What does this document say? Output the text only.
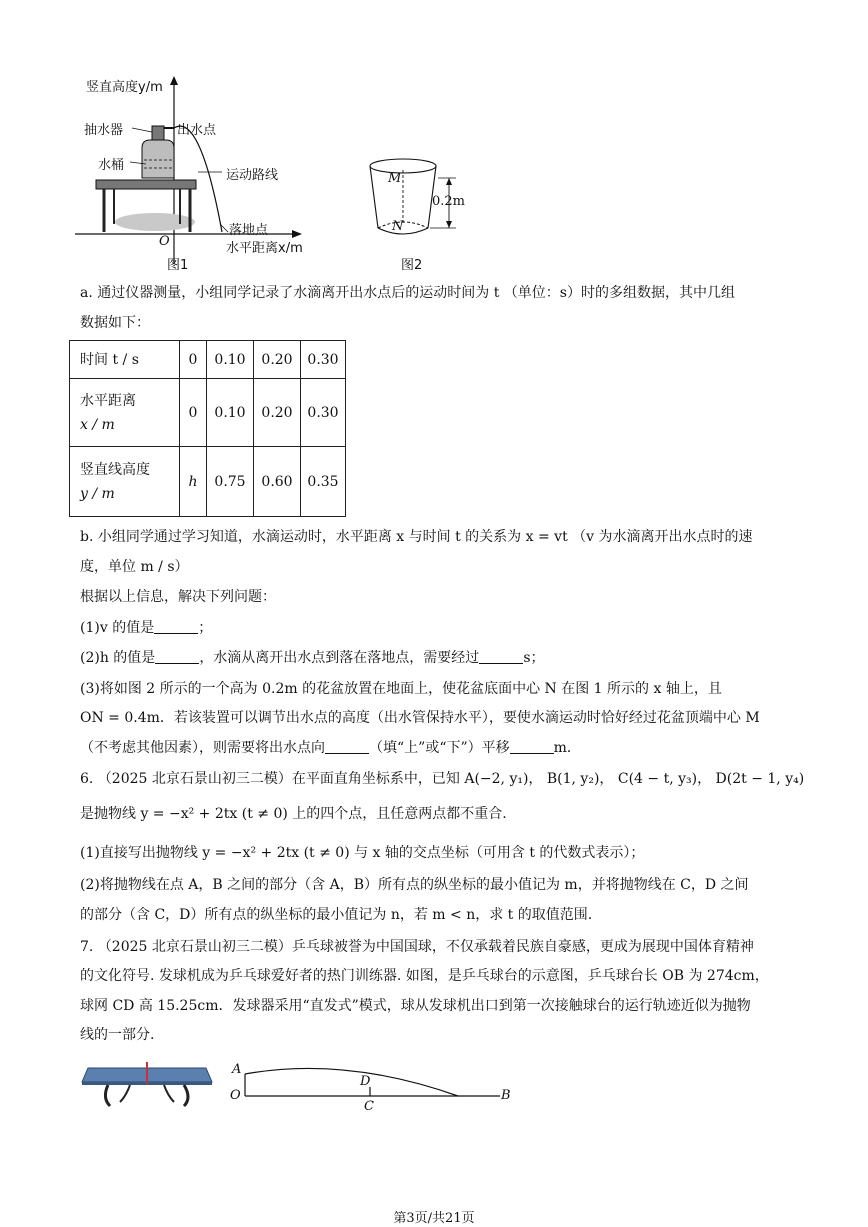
竖直高度y/m
抽水器	出水点
水桶
运动路线
落地点
O	水平距离x/m
图1
M
N
0.2m
图2
a. 通过仪器测量，小组同学记录了水滴离开出水点后的运动时间为 t （单位：s）时的多组数据，其中几组
数据如下：
时间 t / s	0	0.10	0.20	0.30

水平距离
x / m	0	0.10	0.20	0.30

竖直线高度
y / m	h	0.75	0.60	0.35
b. 小组同学通过学习知道，水滴运动时，水平距离 x 与时间 t 的关系为 x = vt （v 为水滴离开出水点时的速
度，单位 m / s）
根据以上信息，解决下列问题：
(1)v 的值是	；
(2)h 的值是	，水滴从离开出水点到落在落地点，需要经过	s；
(3)将如图 2 所示的一个高为 0.2m 的花盆放置在地面上，使花盆底面中心 N 在图 1 所示的 x 轴上，且
ON = 0.4m．若该装置可以调节出水点的高度（出水管保持水平），要使水滴运动时恰好经过花盆顶端中心 M
（不考虑其他因素），则需要将出水点向	（填“上”或“下”）平移	m．
6. （2025 北京石景山初三二模）在平面直角坐标系中，已知 A(−2, y₁)， B(1, y₂)， C(4 − t, y₃)， D(2t − 1, y₄)
是抛物线 y = −x² + 2tx (t ≠ 0) 上的四个点，且任意两点都不重合.
(1)直接写出抛物线 y = −x² + 2tx (t ≠ 0) 与 x 轴的交点坐标（可用含 t 的代数式表示）；
(2)将抛物线在点 A，B 之间的部分（含 A，B）所有点的纵坐标的最小值记为 m，并将抛物线在 C，D 之间
的部分（含 C，D）所有点的纵坐标的最小值记为 n，若 m < n，求 t 的取值范围.
7. （2025 北京石景山初三二模）乒乓球被誉为中国国球，不仅承载着民族自豪感，更成为展现中国体育精神
的文化符号. 发球机成为乒乓球爱好者的热门训练器. 如图，是乒乓球台的示意图，乒乓球台长 OB 为 274cm，
球网 CD 高 15.25cm．发球器采用“直发式”模式，球从发球机出口到第一次接触球台的运行轨迹近似为抛物
线的一部分.
A
O
D
C
B
第3页/共21页
